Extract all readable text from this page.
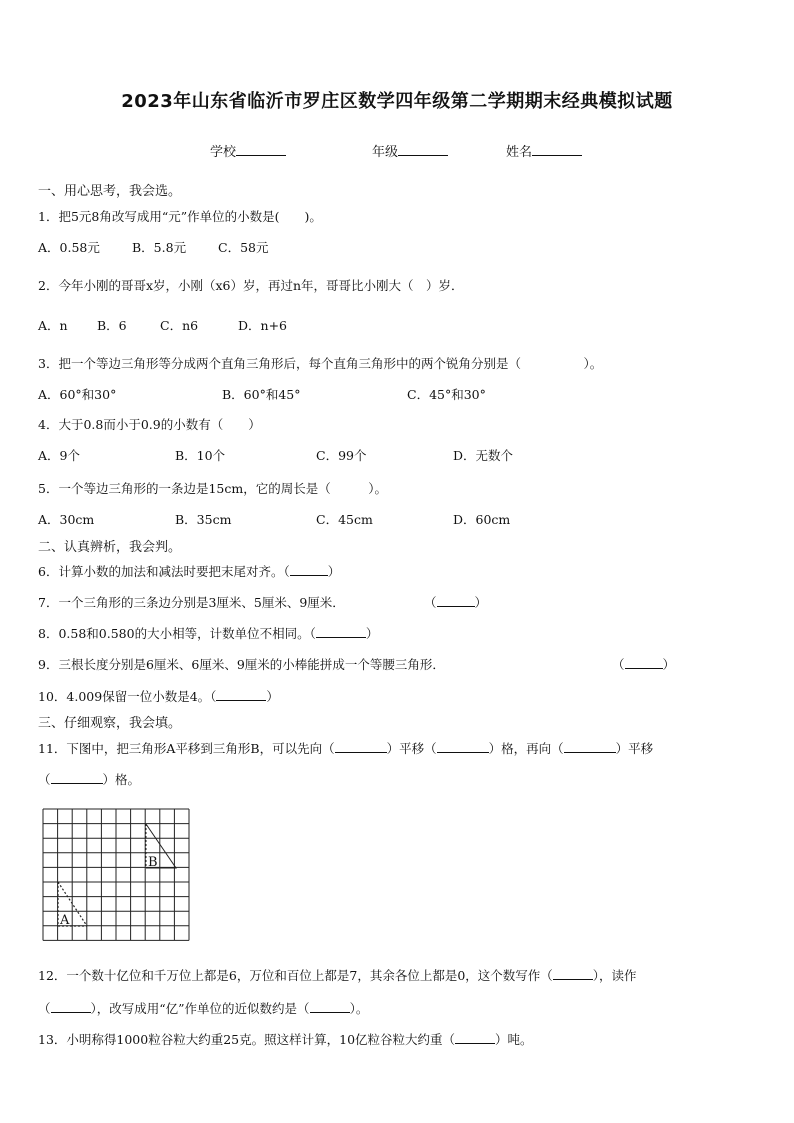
2023年山东省临沂市罗庄区数学四年级第二学期期末经典模拟试题
学校	年级	姓名
一、用心思考，我会选。
1．把5元8角改写成用“元”作单位的小数是(　　)。
A．0.58元	B．5.8元	C．58元
2．今年小刚的哥哥x岁，小刚（x6）岁，再过n年，哥哥比小刚大（　）岁．
A．n B．6	C．n6	D．n+6
3．把一个等边三角形等分成两个直角三角形后，每个直角三角形中的两个锐角分别是（　　　　　）。
A．60°和30°	B．60°和45°	C．45°和30°
4．大于0.8而小于0.9的小数有（　　）
A．9个	B．10个	C．99个	D．无数个
5．一个等边三角形的一条边是15cm，它的周长是（　　　）。
A．30cm	B．35cm	C．45cm	D．60cm
二、认真辨析，我会判。
6．计算小数的加法和减法时要把末尾对齐。（	）
7．一个三角形的三条边分别是3厘米、5厘米、9厘米．	（	）
8．0.58和0.580的大小相等，计数单位不相同。（	）
9．三根长度分别是6厘米、6厘米、9厘米的小棒能拼成一个等腰三角形．	（	）
10．4.009保留一位小数是4。（	）
三、仔细观察，我会填。
11．下图中，把三角形A平移到三角形B，可以先向（	）平移（	）格，再向（	）平移
（	）格。
B
A
12．一个数十亿位和千万位上都是6，万位和百位上都是7，其余各位上都是0，这个数写作（	），读作
（	），改写成用“亿”作单位的近似数约是（	）。
13．小明称得1000粒谷粒大约重25克。照这样计算，10亿粒谷粒大约重（	）吨。
